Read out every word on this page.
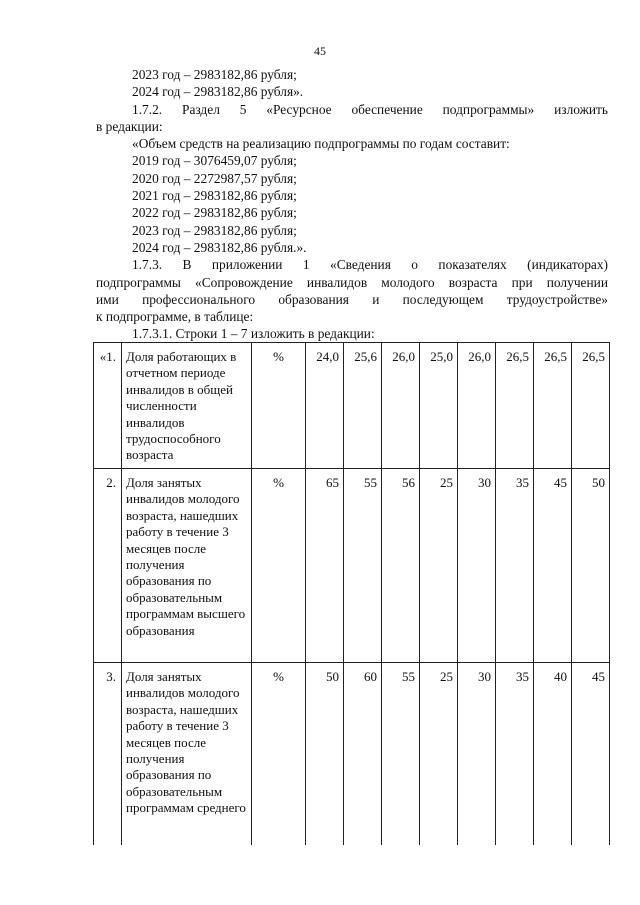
45
2023 год – 2983182,86 рубля;
2024 год – 2983182,86 рубля».
1.7.2. Раздел 5 «Ресурсное обеспечение подпрограммы» изложить
в редакции:
«Объем средств на реализацию подпрограммы по годам составит:
2019 год – 3076459,07 рубля;
2020 год – 2272987,57 рубля;
2021 год – 2983182,86 рубля;
2022 год – 2983182,86 рубля;
2023 год – 2983182,86 рубля;
2024 год – 2983182,86 рубля.».
1.7.3. В приложении 1 «Сведения о показателях (индикаторах)
подпрограммы «Сопровождение инвалидов молодого возраста при получении
ими профессионального образования и последующем трудоустройстве»
к подпрограмме, в таблице:
1.7.3.1. Строки 1 – 7 изложить в редакции:
«1.	Доля работающих в отчетном периоде инвалидов в общей численности инвалидов трудоспособного возраста	%	24,0	25,6	26,0	25,0	26,0	26,5	26,5	26,5
2.	Доля занятых инвалидов молодого возраста, нашедших работу в течение 3 месяцев после получения образования по образовательным программам высшего образования	%	65	55	56	25	30	35	45	50
3.	Доля занятых инвалидов молодого возраста, нашедших работу в течение 3 месяцев после получения образования по образовательным программам среднего	%	50	60	55	25	30	35	40	45
